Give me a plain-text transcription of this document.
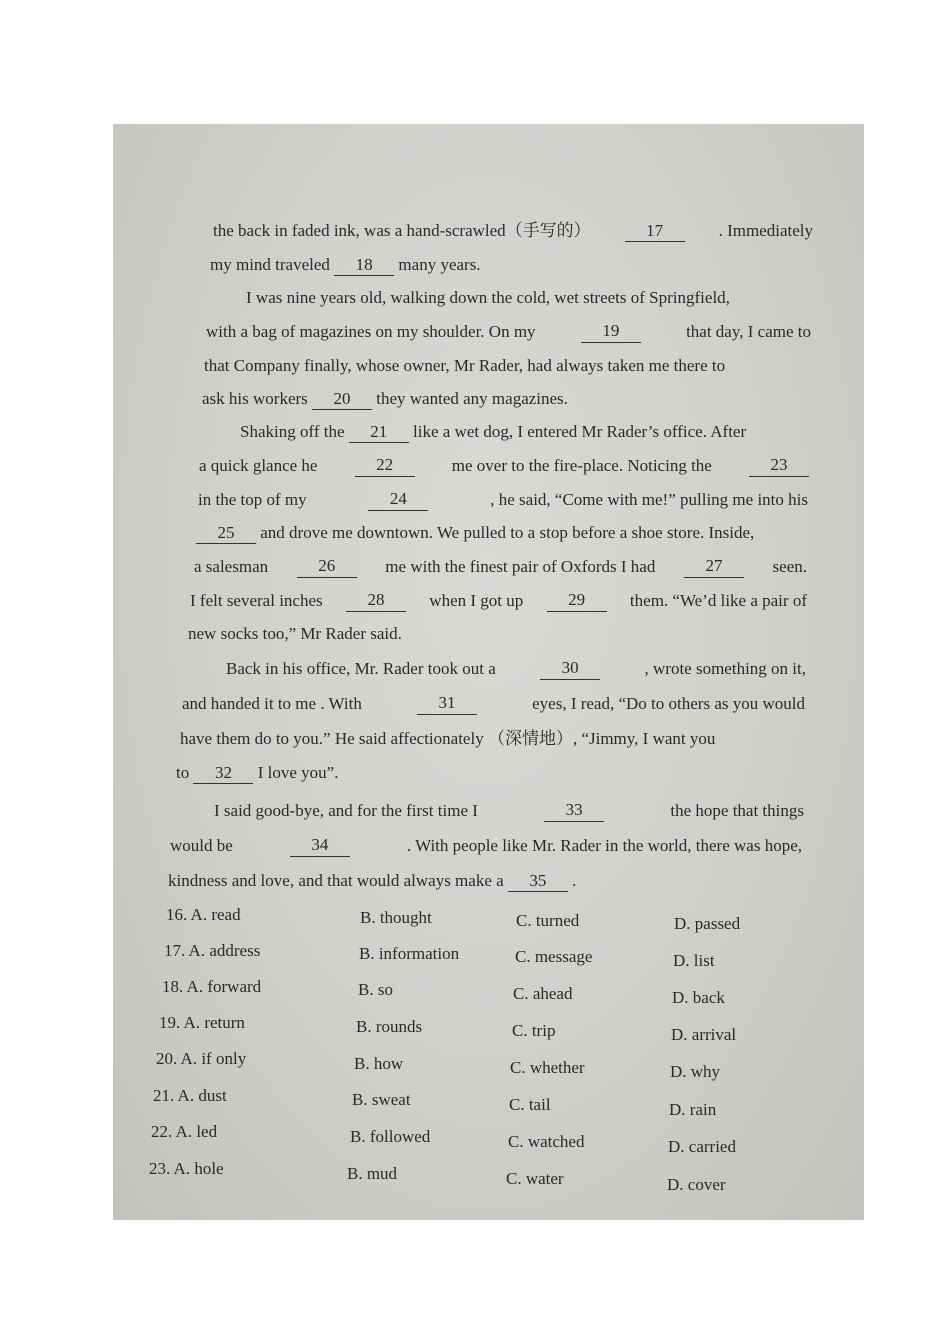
the back in faded ink, was a hand-scrawled（手写的）	17	. Immediately
my mind traveled 18 many years.
I was nine years old, walking down the cold, wet streets of Springfield,
with a bag of magazines on my shoulder. On my	19	that day, I came to
that Company finally, whose owner, Mr Rader, had always taken me there to
ask his workers 20 they wanted any magazines.
Shaking off the 21 like a wet dog, I entered Mr Rader’s office. After
a quick glance he	22	me over to the fire-place. Noticing the	23
in the top of my	24	, he said, “Come with me!” pulling me into his
25 and drove me downtown. We pulled to a stop before a shoe store. Inside,
a salesman	26	me with the finest pair of Oxfords I had	27	seen.
I felt several inches	28	when I got up	29	them. “We’d like a pair of
new socks too,” Mr Rader said.
Back in his office, Mr. Rader took out a	30	, wrote something on it,
and handed it to me . With	31	eyes, I read, “Do to others as you would
have them do to you.” He said affectionately （深情地）, “Jimmy, I want you
to 32 I love you”.
I said good-bye, and for the first time I	33	the hope that things
would be	34	. With people like Mr. Rader in the world, there was hope,
kindness and love, and that would always make a 35 .
16. A. read	B. thought	C. turned	D. passed
17. A. address	B. information	C. message	D. list
18. A. forward	B. so	C. ahead	D. back
19. A. return	B. rounds	C. trip	D. arrival
20. A. if only	B. how	C. whether	D. why
21. A. dust	B. sweat	C. tail	D. rain
22. A. led	B. followed	C. watched	D. carried
23. A. hole	B. mud	C. water	D. cover
